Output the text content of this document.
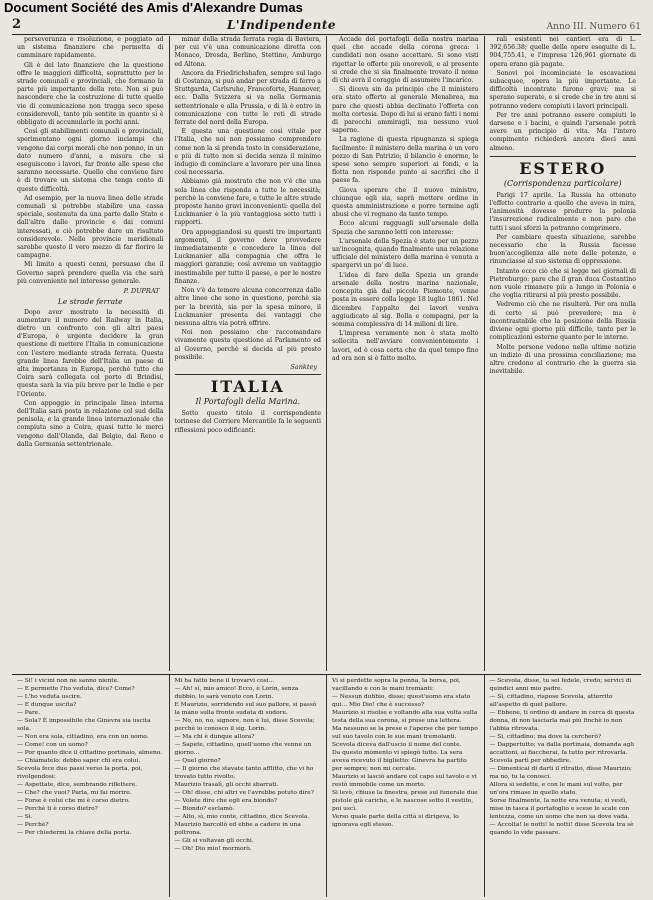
Document Société des Amis d'Alexandre Dumas
2	L'Indipendente	Anno III. Numero 61

perseveranza e risoluzione, e poggiato ad un sistema finanziere che permetta di camminare rapidamente.

Gli è del lato finanziere che la questione offre le maggiori difficoltà, soprattutto per le strade comunali e provinciali, che formano la parte più importante della rete. Non si può nascondere che la costruzione di tutte quelle vie di comunicazione non tragga seco spese considerevoli, tanto più sentite in quanto si è obbligato di accumularle in pochi anni.

Così gli stabilimenti comunali e provinciali, sperimentano ogni giorno inciampi che vengono dai corpi morali che non ponno, in un dato numero d'anni, a misura che si eseguiscono i lavori, far fronte alle spese che saranno necessarie. Quello che conviene fare è di trovare un sistema che tenga conto di queste difficoltà.

Ad esempio, per la nuova linea delle strade comunali si potrebbe stabilire una cassa speciale, sostenuta da una parte dallo Stato e dall'altra dalle provincie e dai comuni interessati, e ciò potrebbe dare un risultato considerevole. Nelle provincie meridionali sarebbe questo il vero mezzo di far fiorire le campagne.

Mi limito a questi cenni, persuaso che il Governo saprà prendere quella via che sarà più conveniente nel interesse generale.

P. DUPRAT
Le strade ferrate

Dopo aver mostrato la necessità di aumentare il numero del Railway in Italia, dietro un confronto con gli altri paesi d'Europa, è urgente decidere la gran questione di mettere l'Italia in comunicazione con l'estero mediante strada ferrata. Questa grande linea farebbe dell'Italia un paese di alta importanza in Europa, perchè tutto che Coira sarà collegata col porto di Brindisi, questa sarà la via più breve per le Indie e per l'Oriente.

Con appoggio in principale linea interna dell'Italia sarà posta in relazione col sud della penisola, e la grande linea internazionale che compiuta sino a Coira, quasi tutte le merci vengono dall'Olanda, dal Belgio, dal Reno e dalla Germania settentrionale.

minar della strada ferrata regia di Baviera, per cui v'è una comunicazione diretta con Monaco, Dresda, Berlino, Stettino, Amburgo ed Altona.

Ancora da Friedrichshafen, sempre sul lago di Costanza, si può andar per strada di ferro a Stuttgarda, Carlsruhe, Francoforte, Hannover, ecc. Dalla Svizzera si va nella Germania settentrionale e alla Prussia, e di là è entro in comunicazione con tutte le reti di strade ferrate del nord della Europa.

E questa una questione così vitale per l'Italia, che noi non possiamo comprendere come non la si prenda tosto in considerazione, e più di tutto non si decida senza il minimo indugio di cominciare a lavorare per una linea così necessaria.

Abbiamo già mostrato che non v'è che una sola linea che risponda a tutte le necessità; perchè la conviene fare, e tutte le altre strade proposte hanno gravi inconvenienti: quella del Luckmanier è la più vantaggiosa sotto tutti i rapporti.

Ora appoggiandosi su questi tre importanti argomenti, il governo deve provvedere immediatamente e concedere la linea del Luckmanier alla compagnia che offra le maggiori garanzie; così avremo un vantaggio inestimabile per tutto il paese, e per le nostre finanze.

Non v'è da temere alcuna concorrenza dalle altre linee che sono in questione, perchè sia per la brevità, sia per la spesa minore, il Luckmanier presenta dei vantaggi che nessuna altra via potrà offrire.

Noi non possiamo che raccomandare vivamente questa questione al Parlamento ed al Governo, perchè si decida al più presto possibile.

Sanktey
ITALIA
Il Portafogli della Marina.

Sotto questo titolo il corrispondente torinese del Corriere Mercantile fa le seguenti riflessioni poco edificanti:

Accade del portafogli della nostra marina quel che accade della corona greca: i candidati non osano accettare. Si sono visti rigettar le offerte più onorevoli, e al presente si crede che si sia finalmente trovato il nome di chi avrà il coraggio di assumere l'incarico.

Si diceva sin da principio che il ministero era stato offerto al generale Menabrea, ma pare che questi abbia declinato l'offerta con molta cortesia. Dopo di lui si erano fatti i nomi di parecchi ammiragli, ma nessuno vuol saperne.

La ragione di questa ripugnanza si spiega facilmente: il ministero della marina è un vero pozzo di San Patrizio; il bilancio è enorme, le spese sono sempre superiori ai fondi, e la flotta non risponde punto ai sacrifici che il paese fa.

Giova sperare che il nuovo ministro, chiunque egli sia, saprà mettere ordine in questa amministrazione e porre termine agli abusi che vi regnano da tanto tempo.

Ecco alcuni ragguagli sull'arsenale della Spezia che saranno letti con interesse:

L'arsenale della Spezia è stato per un pezzo un'incognita, quando finalmente una relazione ufficiale del ministero della marina è venuta a spargervi un po' di luce.

L'idea di fare della Spezia un grande arsenale della nostra marina nazionale, concepita già dal piccolo Piemonte, venne posta in essere colla legge 18 luglio 1861. Nel dicembre l'appalto dei lavori veniva aggiudicato al sig. Bolla e compagni, per la somma complessiva di 14 milioni di lire.

L'impresa veramente non è stata molto sollecita nell'avviare convenientemente i lavori, ed è cosa certa che da quel tempo fino ad ora non si è fatto molto.

rali esistenti nei cantieri era di L. 392,656.38; quelle delle opere eseguite di L. 904,755.41, e l'impresa 126,961 giornate di opera erano già pagate.

Sonovi poi incominciate le escavazioni subacquee, opera la più importante. Le difficoltà incontrate furono gravi; ma si sperano superate, e si crede che in tre anni si potranno vedere compiuti i lavori principali.

Per tre anni potranno essere compiuti le darsene e i bacini, e quindi l'arsenale potrà avere un principio di vita. Ma l'intero compimento richiederà ancora dieci anni almeno.

ESTERO
(Corrispondenza particolare)

Parigi 17 aprile. La Russia ha ottenuto l'effetto contrario a quello che aveva in mira, l'animosità dovesse produrre la polonia l'insurrezione radicalmente e non pare che tutti i suoi sforzi la potranno comprimere.

Per cambiare questa situazione, sarebbe necessario che la Russia facesse buon'accoglienza alle note delle potenze, e rinunciasse al suo sistema di oppressione.

Intanto ecco ciò che si legge nei giornali di Pietroburgo: pare che il gran duca Costantino non vuole rimanere più a lungo in Polonia e che voglia ritirarsi al più presto possibile.

Vedremo ciò che ne risulterà. Per ora nulla di certo si può prevedere; ma è incontrastabile che la posizione della Russia diviene ogni giorno più difficile, tanto per le complicazioni esterne quanto per le interne.

Molte persone vedono nelle ultime notizie un indizio di una prossima conciliazione; ma altre credono al contrario che la guerra sia inevitabile.

— Si! i vicini non ne sanno niente.

— E permette l'ho veduta, dice? Come?

— L'ho veduta uscire.

— E dunque uscita?

— Pare.

— Sola? È impossibile che Ginevra sia uscita sola.

— Non era sola, cittadino, era con un uomo.

— Come! con un uomo?

— Por quanto dice il cittadino portinaio, almeno.

— Chiamatelo: debbo saper chi era colui.

Scevola fece due passi verso la porta, poi, rivolgendosi:

— Aspettate, dice, sembrando riflettere.

— Che? che vuoi? Parla, mi fai morire.

— Forse è colui che mi è corso dietro.

— Perchè ti è corso dietro?

— Sì.

— Perchè?

— Per chiedermi la chiave della porta.

Mi ha fatto bene il trovarvi cosi...

— Ah! sì, mio amico! Ecco, è Lorin, senza dubbio, lo sarà venuto con Lorin.

E Maurizio, sorridendo sul suo pallore, si passò la mano sulla fronte sudata di sudore.

— No, no, no, signore, non è lui, disse Scevola; perchè io conosco il sig. Lorin.

— Ma chi è dunque allora?

— Sapete, cittadino, quell'uomo che venne un giorno...

— Quel giorno?

— Il giorno che stavate tanto afflitto, che vi ho trovato tutto rivolto.

Maurizio trasalì, gli occhi sbarrati.

— Oh! disse, chi altri ve l'avrebbe potuto dire?

— Volete dire che egli era biondo?

— Biondo? esclamò.

— Alto, sì, mio conte, cittadino, dice Scevola.

Maurizio barcollò ed ebbe a cadere in una poltrona.

— Gli si voltavan gli occhi.

— Oh! Dio mio! mormorò.

Vi si perdette sopra la penna, la borsa, poi, vacillando e con le mani tremanti:

— Nessun dubbio, disse; quest'uomo era stato qui... Mio Dio! che è successo?

Maurizio si risolse e voltando alla sua volta sulla testa della sua corona, si prese una lettera.

Ma nessuno se la prese e l'aperse che per tempo sul suo tavolo con le sue mani tremolanti.

Scevola diceva dall'uscio il nome del conte.

Da questo momento vi spiegò tutto. La sera aveva ricevuto il biglietto: Ginevra ha partito per sempre; non mi cercate.

Maurizio si lasciò andare col capo sul tavolo e vi restò immobile come un morto.

Si levò, chiuse la finestra, prese sul funerale due pistole già cariche, e le nascose sotto il vestito, poi uscì.

Verso quale parte della città si dirigeva, lo ignorava egli stesso.

— Scevola, disse, tu sei fedele, credo; servici di quindici anni mio padre.

— Sì, cittadino, rispose Scevola, atterrito all'aspetto di quel pallore.

— Ebbene, ti ordino di andare in cerca di questa donna, di non lasciarla mai più finchè io non l'abbia ritrovata.

— Si, cittadino; ma dove la cercherò?

— Dappertutto; va dalla portinaia, domanda agli accattoni, ai fiaccherai, fa tutto per ritrovarla.

Scevola partì per obbedire.

— Dimenticai di darti il ritratto, disse Maurizio; ma no, tu la conosci.

Allora si sedette, e con le mani sul volto, per un'ora rimase in quello stato.

Sorse finalmente, la notte era venuta; si vestì, mise in tasca il portafoglio e scese le scale con lentezza, come un uomo che non sa dove vada.

— Accolta! le notti! le notti! disse Scevola tra sè quando lo vide passare.
